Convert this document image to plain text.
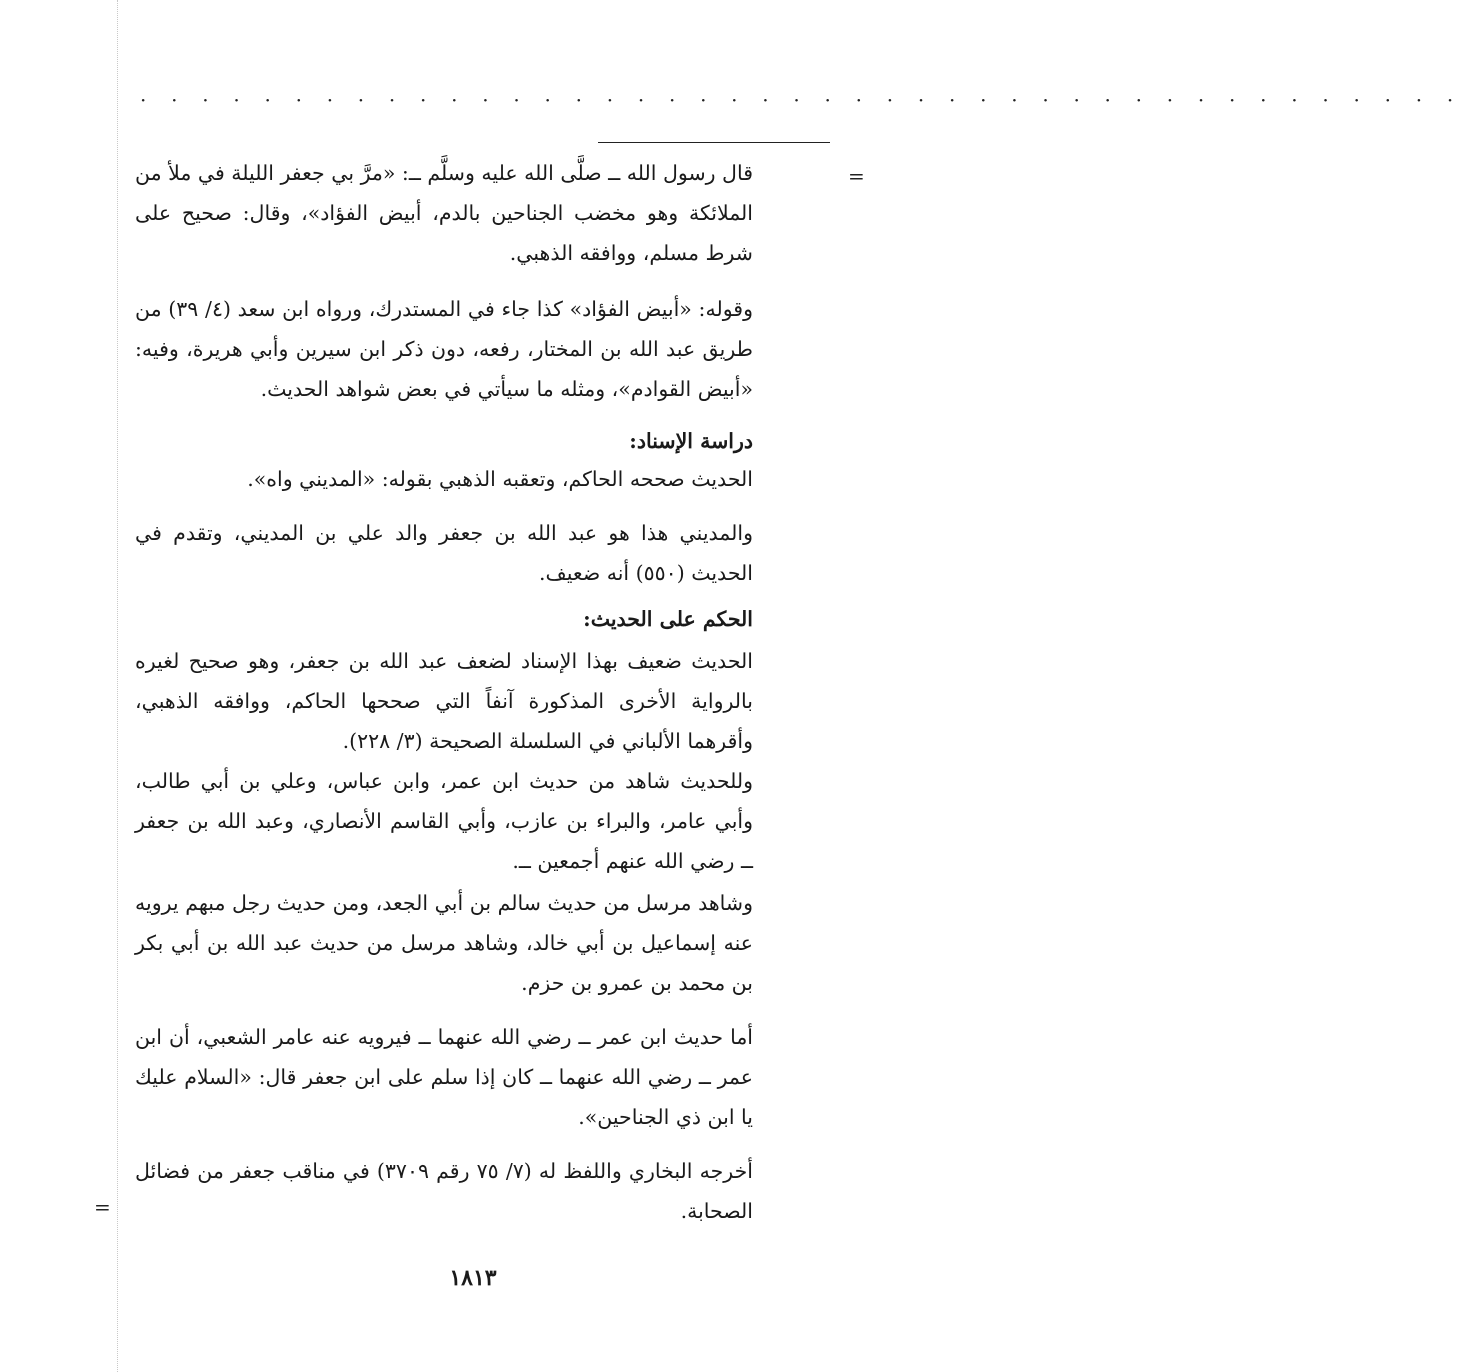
· · · · · · · · · · · · · · · · · · · · · · · · · · · · · · · · · · · · · · · · · · ·
=

قال رسول الله ــ صلَّى الله عليه وسلَّم ــ: «مرَّ بي جعفر الليلة في ملأ من الملائكة وهو مخضب الجناحين بالدم، أبيض الفؤاد»، وقال: صحيح على شرط مسلم، ووافقه الذهبي.

وقوله: «أبيض الفؤاد» كذا جاء في المستدرك، ورواه ابن سعد (٤/ ٣٩) من طريق عبد الله بن المختار، رفعه، دون ذكر ابن سيرين وأبي هريرة، وفيه: «أبيض القوادم»، ومثله ما سيأتي في بعض شواهد الحديث.

دراسة الإسناد:

الحديث صححه الحاكم، وتعقبه الذهبي بقوله: «المديني واه».

والمديني هذا هو عبد الله بن جعفر والد علي بن المديني، وتقدم في الحديث (٥٥٠) أنه ضعيف.

الحكم على الحديث:

الحديث ضعيف بهذا الإسناد لضعف عبد الله بن جعفر، وهو صحيح لغيره بالرواية الأخرى المذكورة آنفاً التي صححها الحاكم، ووافقه الذهبي، وأقرهما الألباني في السلسلة الصحيحة (٣/ ٢٢٨).

وللحديث شاهد من حديث ابن عمر، وابن عباس، وعلي بن أبي طالب، وأبي عامر، والبراء بن عازب، وأبي القاسم الأنصاري، وعبد الله بن جعفر ــ رضي الله عنهم أجمعين ــ.

وشاهد مرسل من حديث سالم بن أبي الجعد، ومن حديث رجل مبهم يرويه عنه إسماعيل بن أبي خالد، وشاهد مرسل من حديث عبد الله بن أبي بكر بن محمد بن عمرو بن حزم.

أما حديث ابن عمر ــ رضي الله عنهما ــ فيرويه عنه عامر الشعبي، أن ابن عمر ــ رضي الله عنهما ــ كان إذا سلم على ابن جعفر قال: «السلام عليك يا ابن ذي الجناحين».

أخرجه البخاري واللفظ له (٧/ ٧٥ رقم ٣٧٠٩) في مناقب جعفر من فضائل الصحابة.

=
١٨١٣
